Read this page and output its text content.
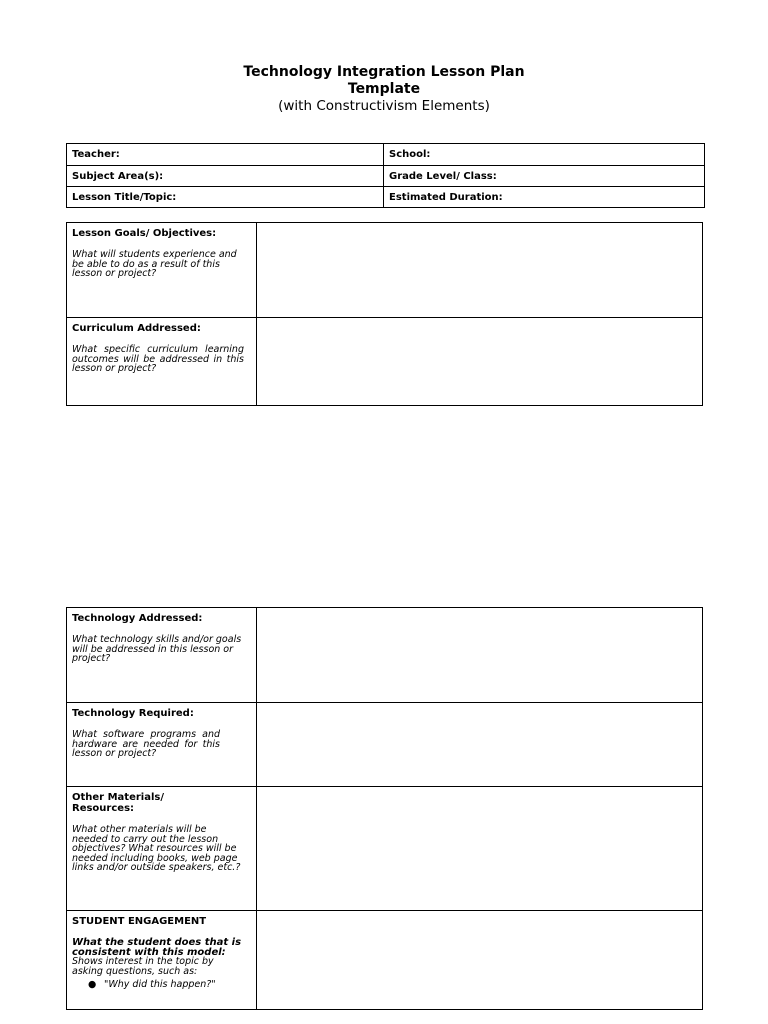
Technology Integration Lesson Plan
Template
(with Constructivism Elements)
Teacher:	School:
Subject Area(s):	Grade Level/ Class:
Lesson Title/Topic:	Estimated Duration:
Lesson Goals/ Objectives:
What will students experience and be able to do as a result of this lesson or project?	

Curriculum Addressed:
What specific curriculum learning outcomes will be addressed in this lesson or project?	

Technology Addressed:
What technology skills and/or goals will be addressed in this lesson or project?	

Technology Required:
What software programs and hardware are needed for this lesson or project?	

Other Materials/ Resources:
What other materials will be needed to carry out the lesson objectives? What resources will be needed including books, web page links and/or outside speakers, etc.?	

STUDENT ENGAGEMENT
What the student does that is consistent with this model:
Shows interest in the topic by asking questions, such as:
● "Why did this happen?"	
